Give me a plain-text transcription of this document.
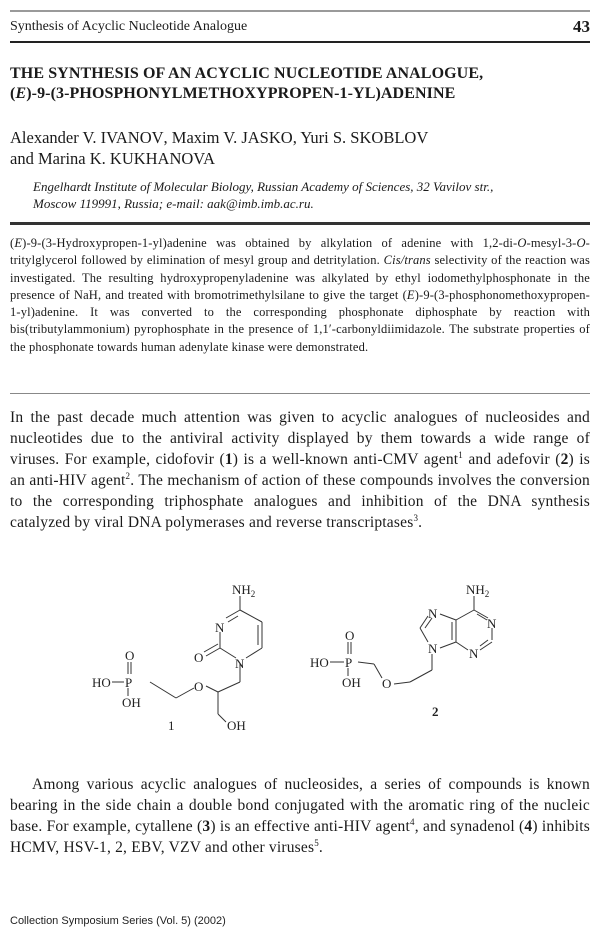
Synthesis of Acyclic Nucleotide Analogue	43
THE SYNTHESIS OF AN ACYCLIC NUCLEOTIDE ANALOGUE,
(E)-9-(3-PHOSPHONYLMETHOXYPROPEN-1-YL)ADENINE
Alexander V. IVANOV, Maxim V. JASKO, Yuri S. SKOBLOV
and Marina K. KUKHANOVA
Engelhardt Institute of Molecular Biology, Russian Academy of Sciences, 32 Vavilov str.,
Moscow 119991, Russia; e-mail: aak@imb.imb.ac.ru.

(E)-9-(3-Hydroxypropen-1-yl)adenine was obtained by alkylation of adenine with 1,2-di-O-mesyl-3-O-tritylglycerol followed by elimination of mesyl group and detritylation. Cis/trans selectivity of the reaction was investigated. The resulting hydroxypropenyladenine was alkylated by ethyl iodomethylphosphonate in the presence of NaH, and treated with bromotrimethylsilane to give the target (E)-9-(3-phosphonomethoxypropen-1-yl)adenine. It was converted to the corresponding phosphonate diphosphate by reaction with bis(tributylammonium) pyrophosphate in the presence of 1,1′-carbonyldiimidazole. The substrate properties of the phosphonate towards human adenylate kinase were demonstrated.

In the past decade much attention was given to acyclic analogues of nucleosides and nucleotides due to the antiviral activity displayed by them towards a wide range of viruses. For example, cidofovir (1) is a well-known anti-CMV agent$^1$ and adefovir (2) is an anti-HIV agent$^2$. The mechanism of action of these compounds involves the conversion to the corresponding triphosphate analogues and inhibition of the DNA synthesis catalyzed by viral DNA polymerases and reverse transcriptases$^3$.

$NH_2$
N
N
O
O
P
O
HO
OH
OH
1
$NH_2$
N
N
N
N
O
P
O
HO
OH
2

Among various acyclic analogues of nucleosides, a series of compounds is known bearing in the side chain a double bond conjugated with the aromatic ring of the nucleic base. For example, cytallene (3) is an effective anti-HIV agent$^4$, and synadenol (4) inhibits HCMV, HSV-1, 2, EBV, VZV and other viruses$^5$.

Collection Symposium Series (Vol. 5) (2002)
